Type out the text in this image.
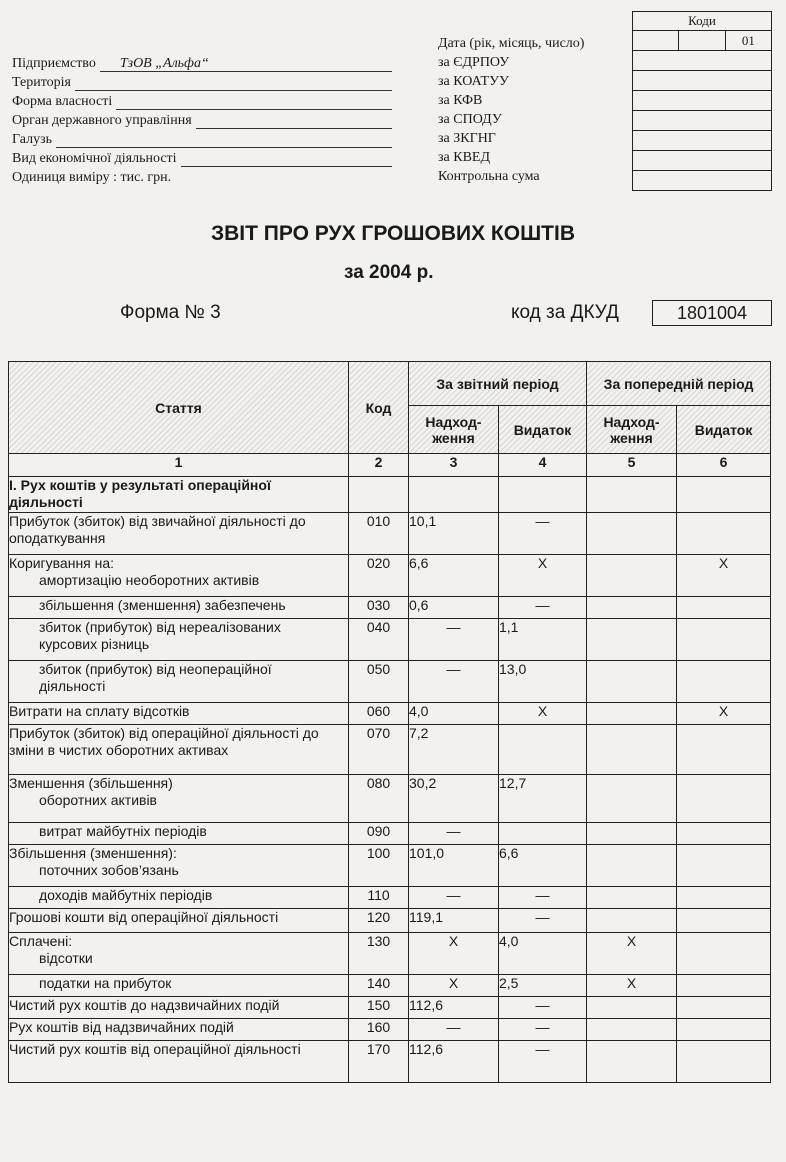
Коди
01
Підприємство	ТзОВ „Альфа“
Територія
Форма власності
Орган державного управління
Галузь
Вид економічної діяльності
Одиниця виміру : тис. грн.
Дата (рік, місяць, число)
за ЄДРПОУ
за КОАТУУ
за КФВ
за СПОДУ
за ЗКГНГ
за КВЕД
Контрольна сума
ЗВІТ ПРО РУХ ГРОШОВИХ КОШТІВ
за 2004 р.
Форма № 3	код за ДКУД	1801004
Стаття	Код	За звітний період		За попередній період	
		Надход-ження	Видаток	Надход-ження	Видаток
1	2	3	4	5	6

І. Рух коштів у результаті операційної діяльності					

Прибуток (збиток) від звичайної діяльності до оподаткування	010	10,1	—		

Коригування на:
амортизацію необоротних активів	020	6,6	X		X

збільшення (зменшення) забезпечень	030	0,6	—		

збиток (прибуток) від нереалізованих
курсових різниць	040	—	1,1		

збиток (прибуток) від неопераційної
діяльності	050	—	13,0		

Витрати на сплату відсотків	060	4,0	X		X

Прибуток (збиток) від операційної діяльності до зміни в чистих оборотних активах	070	7,2			

Зменшення (збільшення)
оборотних активів	080	30,2	12,7		

витрат майбутніх періодів	090	—			

Збільшення (зменшення):
поточних зобов’язань	100	101,0	6,6		

доходів майбутніх періодів	110	—	—		

Грошові кошти від операційної діяльності	120	119,1	—		

Сплачені:
відсотки	130	X	4,0	X	

податки на прибуток	140	X	2,5	X	

Чистий рух коштів до надзвичайних подій	150	112,6	—		

Рух коштів від надзвичайних подій	160	—	—		

Чистий рух коштів від операційної діяльності	170	112,6	—		
